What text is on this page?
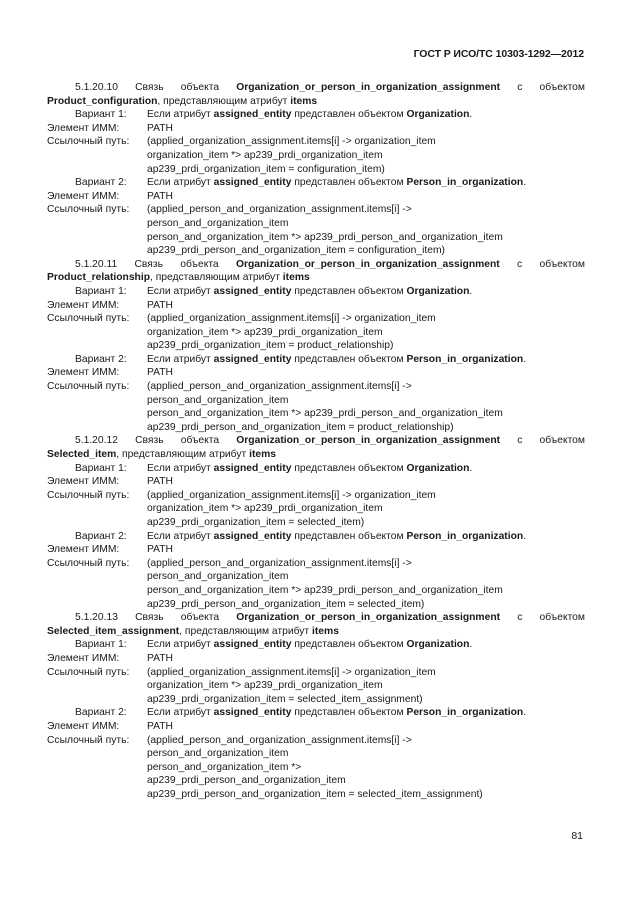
ГОСТ Р ИСО/ТС 10303-1292—2012
5.1.20.10 Связь объекта Organization_or_person_in_organization_assignment с объектом Product_configuration, представляющим атрибут items
Вариант 1:	Если атрибут assigned_entity представлен объектом Organization.
Элемент ИММ:	PATH
Ссылочный путь:	(applied_organization_assignment.items[i] -> organization_item
organization_item *> ap239_prdi_organization_item
ap239_prdi_organization_item = configuration_item)
Вариант 2:	Если атрибут assigned_entity представлен объектом Person_in_organization.
Элемент ИММ:	PATH
Ссылочный путь:	(applied_person_and_organization_assignment.items[i] ->
person_and_organization_item
person_and_organization_item *> ap239_prdi_person_and_organization_item
ap239_prdi_person_and_organization_item = configuration_item)
5.1.20.11 Связь объекта Organization_or_person_in_organization_assignment с объектом Product_relationship, представляющим атрибут items
Вариант 1:	Если атрибут assigned_entity представлен объектом Organization.
Элемент ИММ:	PATH
Ссылочный путь:	(applied_organization_assignment.items[i] -> organization_item
organization_item *> ap239_prdi_organization_item
ap239_prdi_organization_item = product_relationship)
Вариант 2:	Если атрибут assigned_entity представлен объектом Person_in_organization.
Элемент ИММ:	PATH
Ссылочный путь:	(applied_person_and_organization_assignment.items[i] ->
person_and_organization_item
person_and_organization_item *> ap239_prdi_person_and_organization_item
ap239_prdi_person_and_organization_item = product_relationship)
5.1.20.12 Связь объекта Organization_or_person_in_organization_assignment с объектом Selected_item, представляющим атрибут items
Вариант 1:	Если атрибут assigned_entity представлен объектом Organization.
Элемент ИММ:	PATH
Ссылочный путь:	(applied_organization_assignment.items[i] -> organization_item
organization_item *> ap239_prdi_organization_item
ap239_prdi_organization_item = selected_item)
Вариант 2:	Если атрибут assigned_entity представлен объектом Person_in_organization.
Элемент ИММ:	PATH
Ссылочный путь:	(applied_person_and_organization_assignment.items[i] ->
person_and_organization_item
person_and_organization_item *> ap239_prdi_person_and_organization_item
ap239_prdi_person_and_organization_item = selected_item)
5.1.20.13 Связь объекта Organization_or_person_in_organization_assignment с объектом Selected_item_assignment, представляющим атрибут items
Вариант 1:	Если атрибут assigned_entity представлен объектом Organization.
Элемент ИММ:	PATH
Ссылочный путь:	(applied_organization_assignment.items[i] -> organization_item
organization_item *> ap239_prdi_organization_item
ap239_prdi_organization_item = selected_item_assignment)
Вариант 2:	Если атрибут assigned_entity представлен объектом Person_in_organization.
Элемент ИММ:	PATH
Ссылочный путь:	(applied_person_and_organization_assignment.items[i] ->
person_and_organization_item
person_and_organization_item *>
ap239_prdi_person_and_organization_item
ap239_prdi_person_and_organization_item = selected_item_assignment)
81
